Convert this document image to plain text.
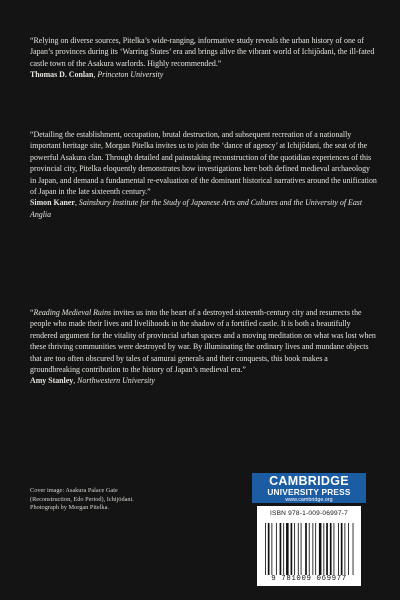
“Relying on diverse sources, Pitelka’s wide-ranging, informative study reveals the urban history of one of Japan’s provinces during its ‘Warring States’ era and brings alive the vibrant world of Ichijōdani, the ill-fated castle town of the Asakura warlords. Highly recommended.”
Thomas D. Conlan, Princeton University

“Detailing the establishment, occupation, brutal destruction, and subsequent recreation of a nationally important heritage site, Morgan Pitelka invites us to join the ‘dance of agency’ at Ichijōdani, the seat of the powerful Asakura clan. Through detailed and painstaking reconstruction of the quotidian experiences of this provincial city, Pitelka eloquently demonstrates how investigations here both defined medieval archaeology in Japan, and demand a fundamental re-evaluation of the dominant historical narratives around the unification of Japan in the late sixteenth century.”
Simon Kaner, Sainsbury Institute for the Study of Japanese Arts and Cultures and the University of East Anglia

“Reading Medieval Ruins invites us into the heart of a destroyed sixteenth-century city and resurrects the people who made their lives and livelihoods in the shadow of a fortified castle. It is both a beautifully rendered argument for the vitality of provincial urban spaces and a moving meditation on what was lost when these thriving communities were destroyed by war. By illuminating the ordinary lives and mundane objects that are too often obscured by tales of samurai generals and their conquests, this book makes a groundbreaking contribution to the history of Japan’s medieval era.”
Amy Stanley, Northwestern University

Cover image: Asakura Palace Gate
(Reconstruction, Edo Period), Ichijōdani.
Photograph by Morgan Pitelka.
CAMBRIDGE
UNIVERSITY PRESS
www.cambridge.org
ISBN 978-1-009-06997-7
9 781009 069977
